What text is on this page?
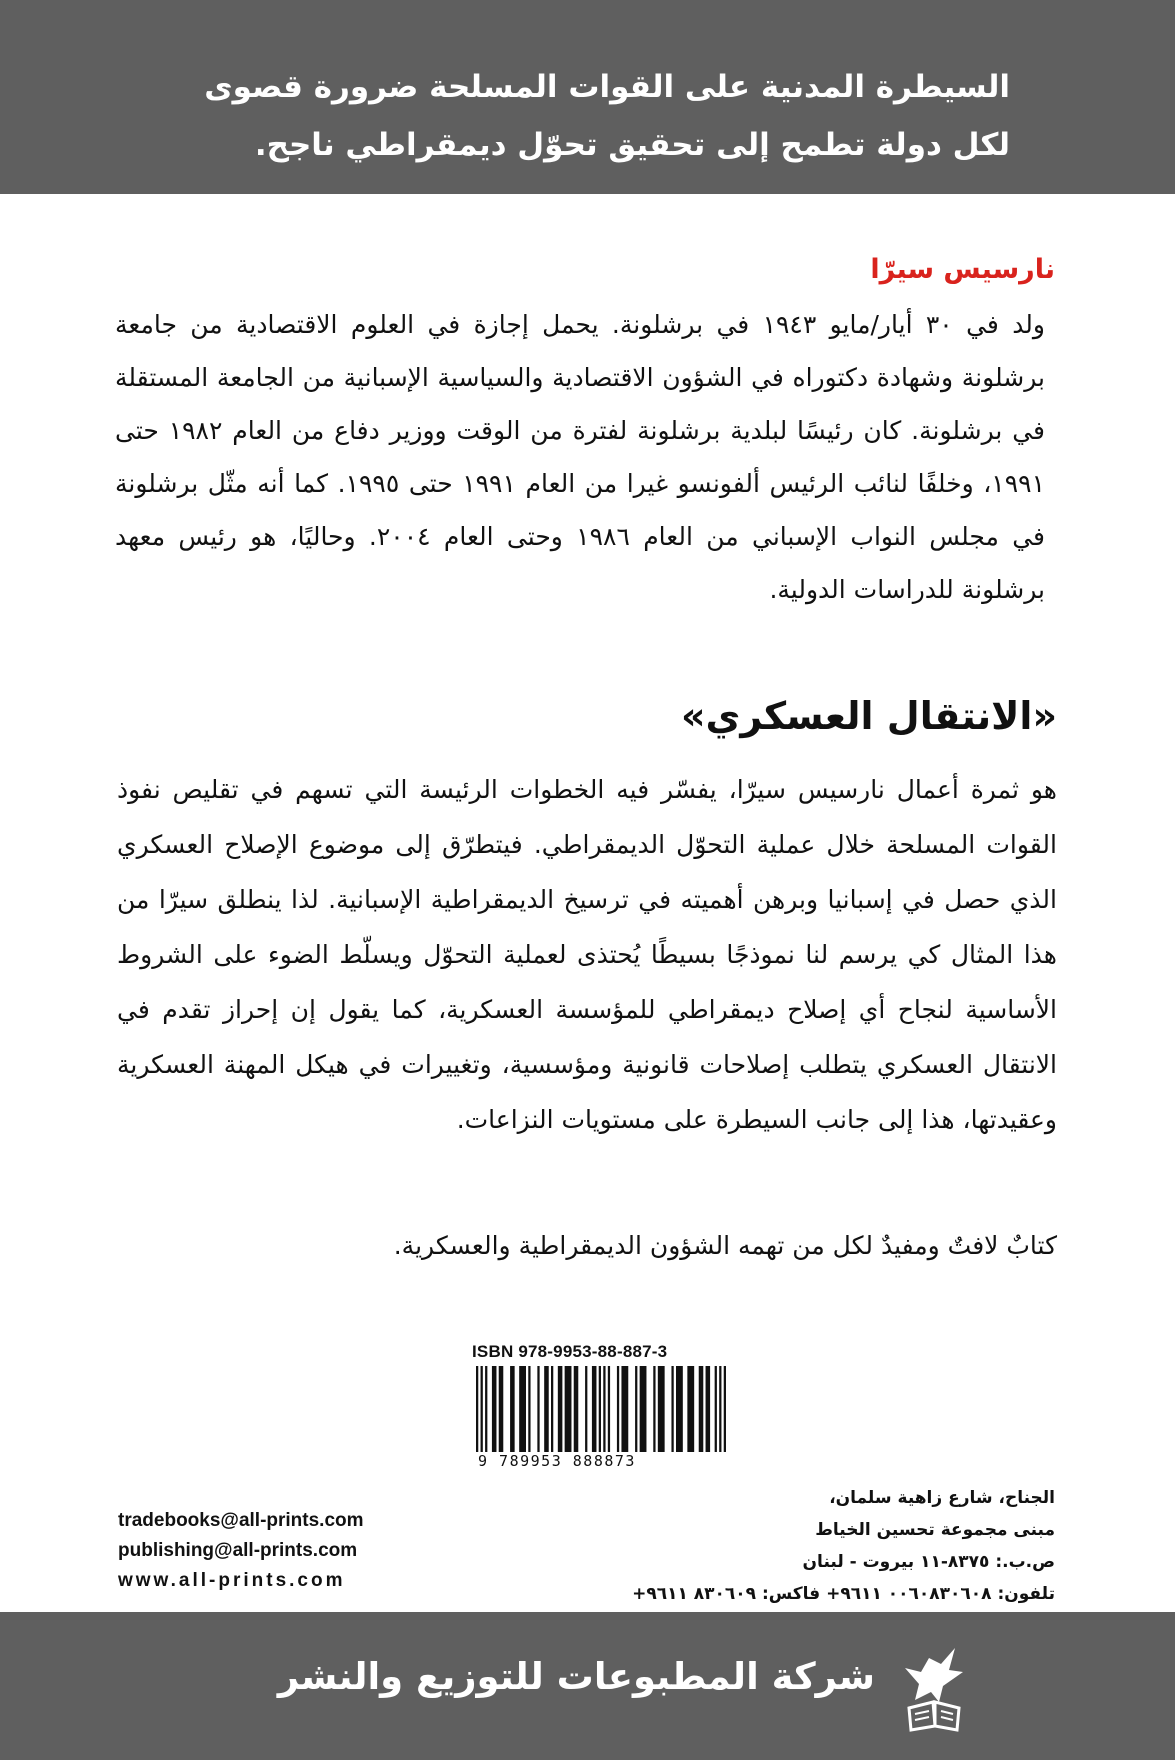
السيطرة المدنية على القوات المسلحة ضرورة قصوى لكل دولة تطمح إلى تحقيق تحوّل ديمقراطي ناجح.

نارسيس سيرّا

ولد في ٣٠ أيار/مايو ١٩٤٣ في برشلونة. يحمل إجازة في العلوم الاقتصادية من جامعة برشلونة وشهادة دكتوراه في الشؤون الاقتصادية والسياسية الإسبانية من الجامعة المستقلة في برشلونة. كان رئيسًا لبلدية برشلونة لفترة من الوقت ووزير دفاع من العام ١٩٨٢ حتى ١٩٩١، وخلفًا لنائب الرئيس ألفونسو غيرا من العام ١٩٩١ حتى ١٩٩٥. كما أنه مثّل برشلونة في مجلس النواب الإسباني من العام ١٩٨٦ وحتى العام ٢٠٠٤. وحاليًا، هو رئيس معهد برشلونة للدراسات الدولية.

«الانتقال العسكري»

هو ثمرة أعمال نارسيس سيرّا، يفسّر فيه الخطوات الرئيسة التي تسهم في تقليص نفوذ القوات المسلحة خلال عملية التحوّل الديمقراطي. فيتطرّق إلى موضوع الإصلاح العسكري الذي حصل في إسبانيا وبرهن أهميته في ترسيخ الديمقراطية الإسبانية. لذا ينطلق سيرّا من هذا المثال كي يرسم لنا نموذجًا بسيطًا يُحتذى لعملية التحوّل ويسلّط الضوء على الشروط الأساسية لنجاح أي إصلاح ديمقراطي للمؤسسة العسكرية، كما يقول إن إحراز تقدم في الانتقال العسكري يتطلب إصلاحات قانونية ومؤسسية، وتغييرات في هيكل المهنة العسكرية وعقيدتها، هذا إلى جانب السيطرة على مستويات النزاعات.

كتابٌ لافتٌ ومفيدٌ لكل من تهمه الشؤون الديمقراطية والعسكرية.

ISBN 978-9953-88-887-3

9 789953 888873

الجناح، شارع زاهية سلمان،
مبنى مجموعة تحسين الخياط
ص.ب.: ٨٣٧٥-١١ بيروت - لبنان
تلفون: ٠٠٦٠٨٣٠٦٠٨ ٩٦١١+ فاكس: ٨٣٠٦٠٩ ٩٦١١+

tradebooks@all-prints.com
publishing@all-prints.com
www.all-prints.com

شركة المطبوعات للتوزيع والنشر
